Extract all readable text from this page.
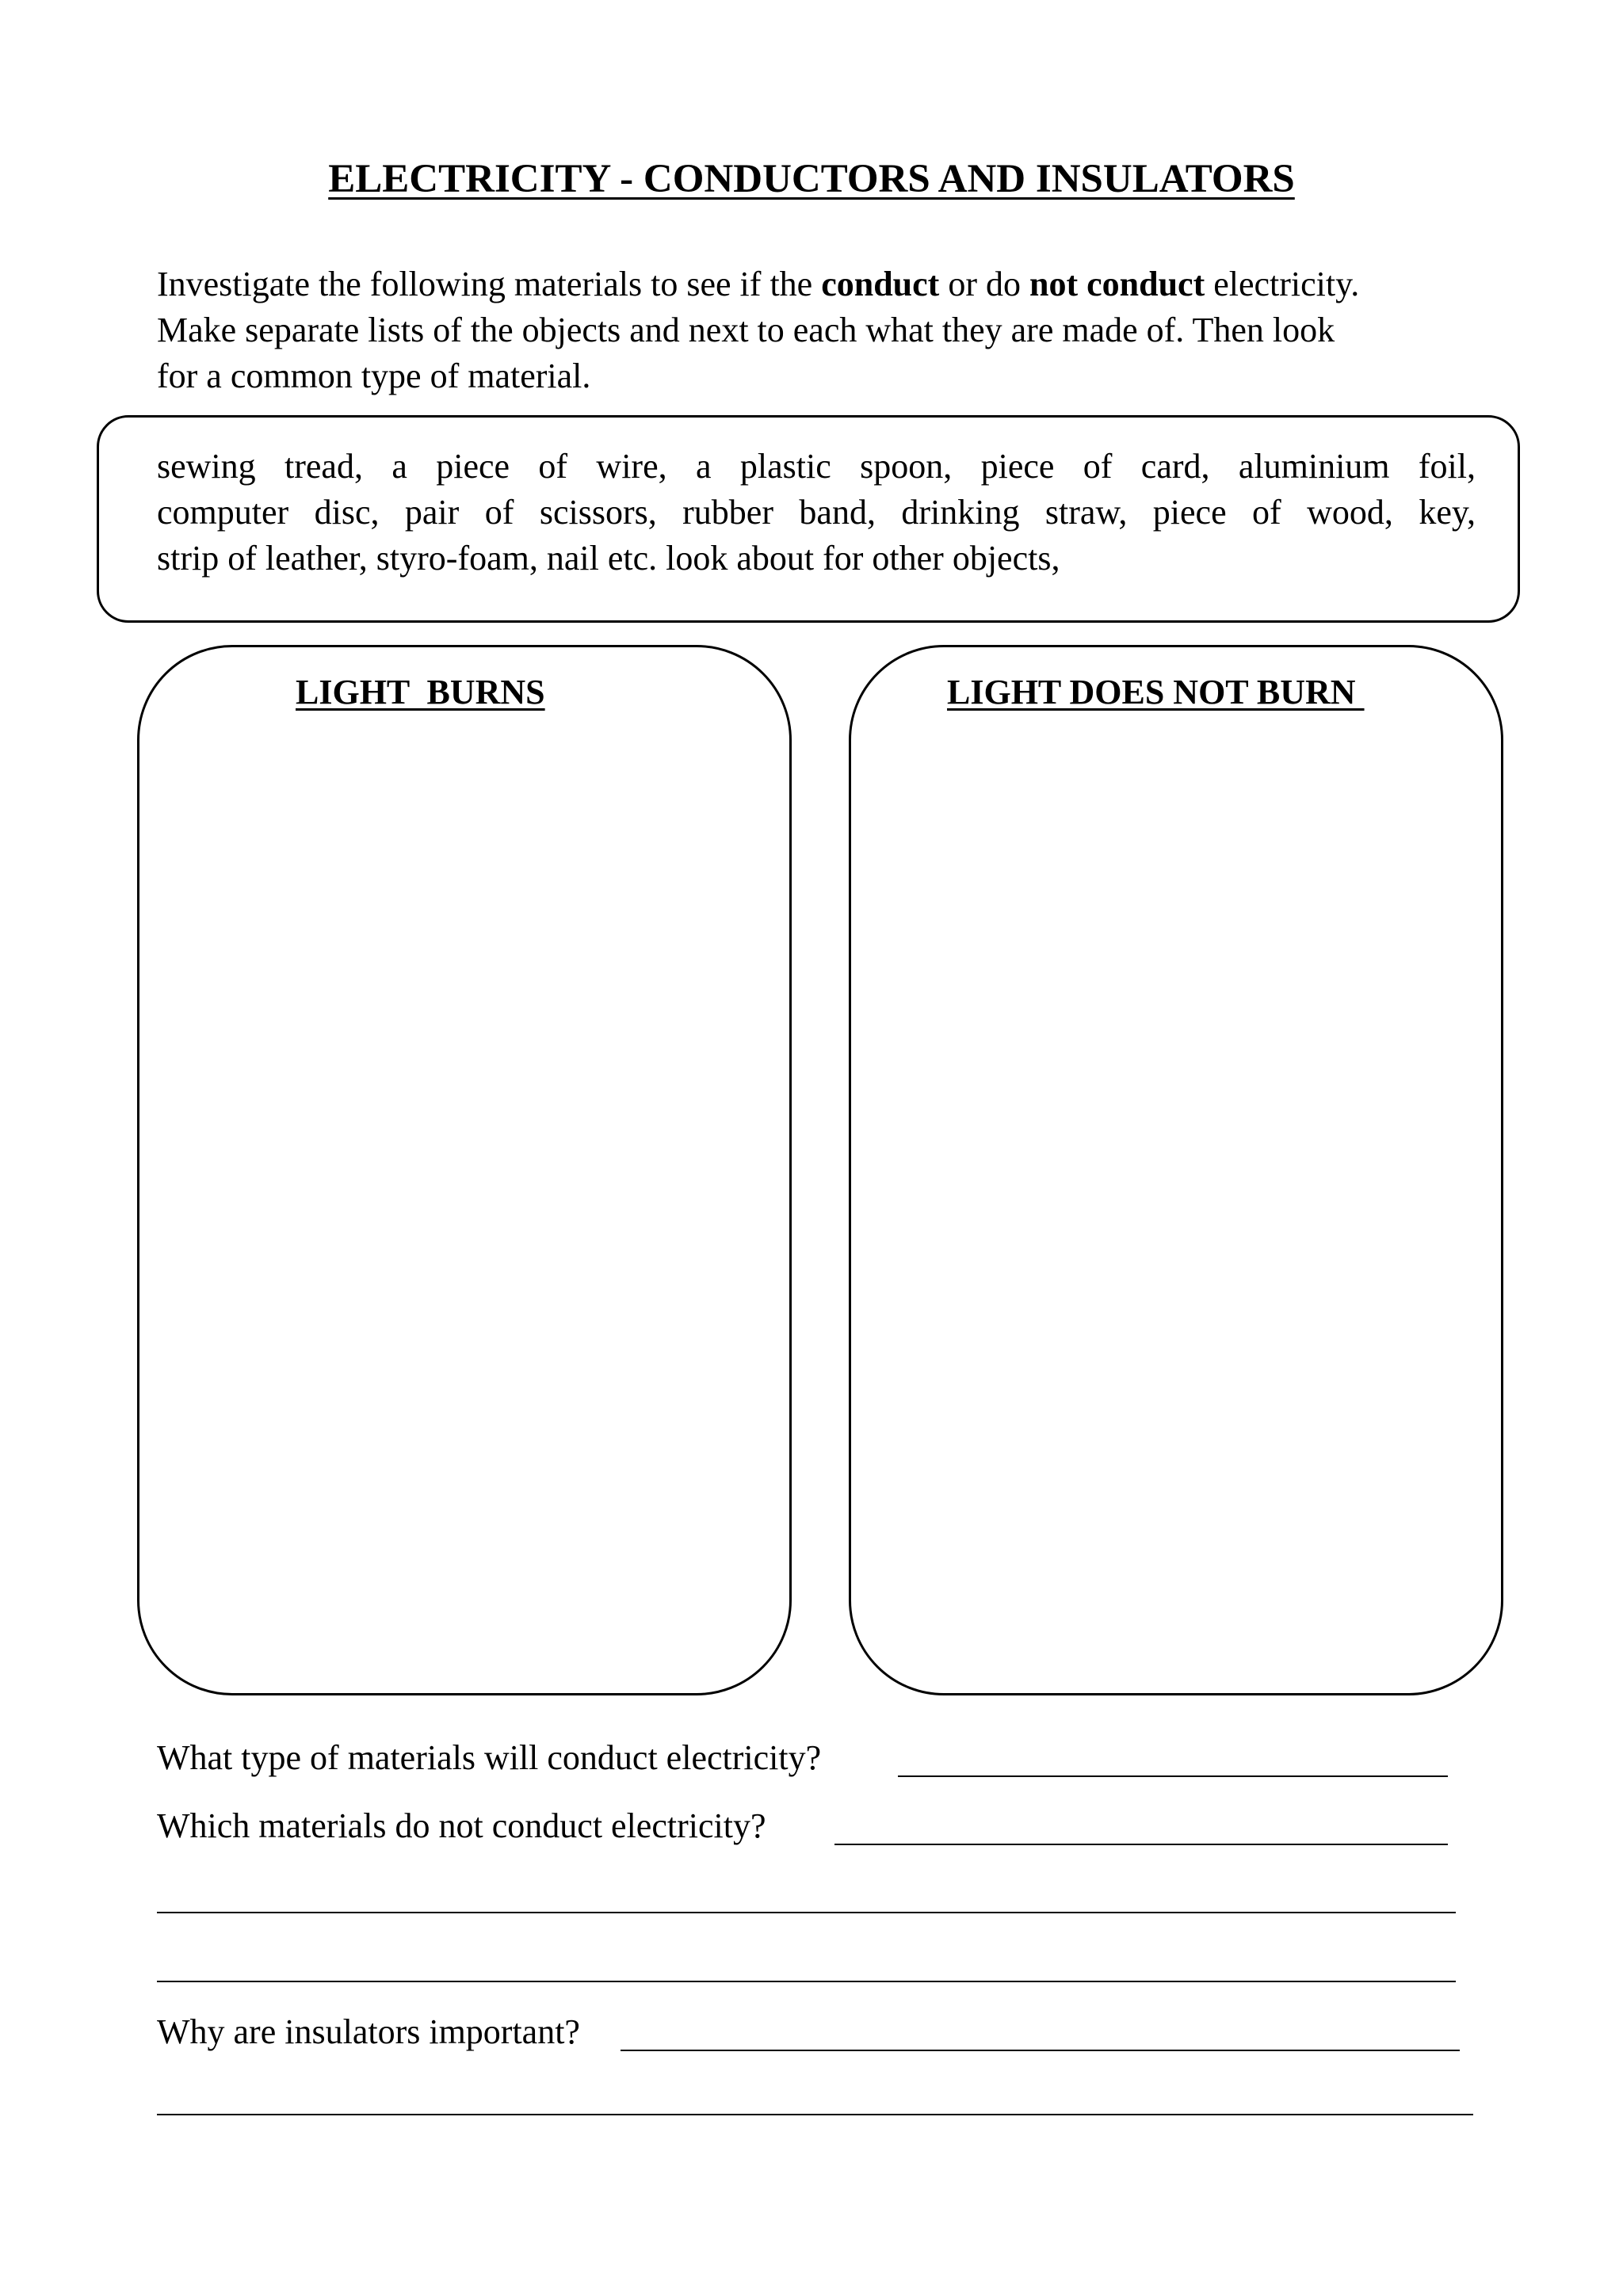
ELECTRICITY - CONDUCTORS AND INSULATORS
Investigate the following materials to see if the conduct or do not conduct electricity.
Make separate lists of the objects and next to each what they are made of. Then look
for a common type of material.
sewing tread, a piece of wire, a plastic spoon, piece of card, aluminium foil,
computer disc, pair of scissors, rubber band, drinking straw, piece of wood, key,
strip of leather, styro-foam, nail etc. look about for other objects,
LIGHT  BURNS	LIGHT DOES NOT BURN
What type of materials will conduct electricity?
Which materials do not conduct electricity?
Why are insulators important?
